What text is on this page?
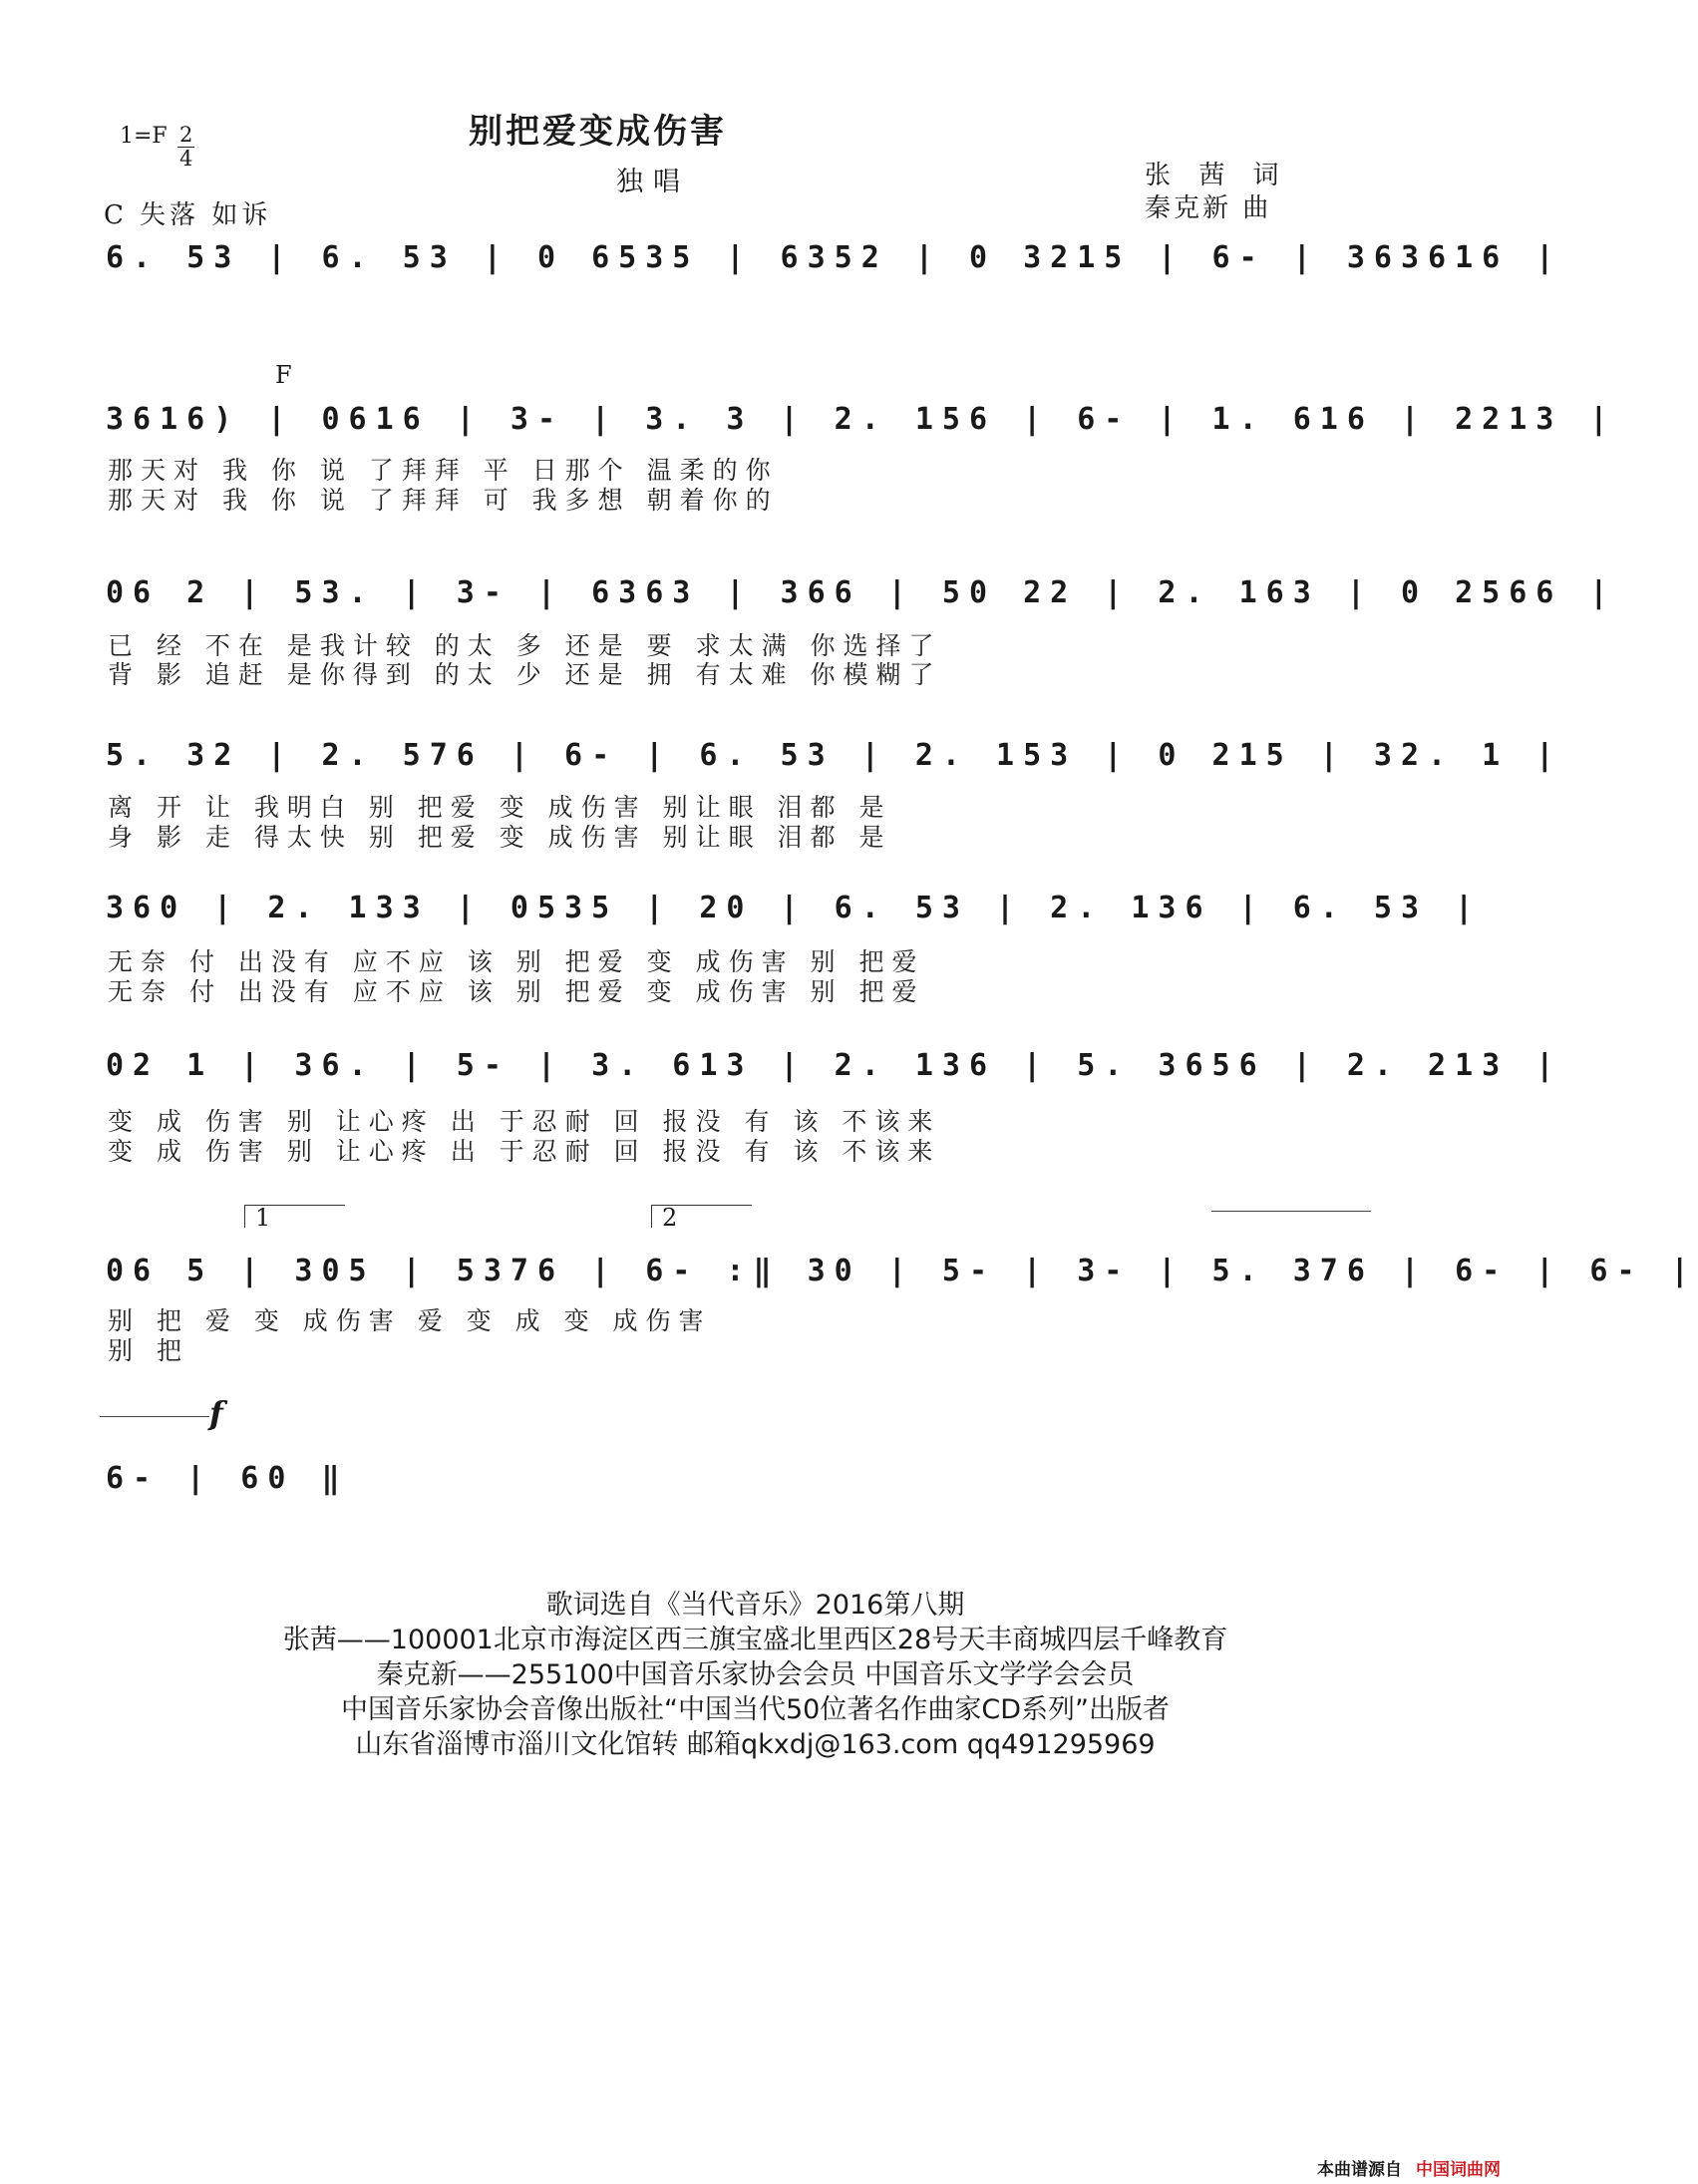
别把爱变成伤害
1=F 2
4
独唱	张 茜 词
秦克新 曲
C 失落 如诉
6. 53 | 6. 53 | 0 6535 | 6352 | 0 3215 | 6- | 363616 |
F
3616) | 0616 | 3- | 3. 3 | 2. 156 | 6- | 1. 616 | 2213 |
那天对 我 你 说 了拜拜 平 日那个 温柔的你
那天对 我 你 说 了拜拜 可 我多想 朝着你的
06 2 | 53. | 3- | 6363 | 366 | 50 22 | 2. 163 | 0 2566 |
已 经 不在 是我计较 的太 多 还是 要 求太满 你选择了
背 影 追赶 是你得到 的太 少 还是 拥 有太难 你模糊了
5. 32 | 2. 576 | 6- | 6. 53 | 2. 153 | 0 215 | 32. 1 |
离 开 让 我明白 别 把爱 变 成伤害 别让眼 泪都 是
身 影 走 得太快 别 把爱 变 成伤害 别让眼 泪都 是
360 | 2. 133 | 0535 | 20 | 6. 53 | 2. 136 | 6. 53 |
无奈 付 出没有 应不应 该 别 把爱 变 成伤害 别 把爱
无奈 付 出没有 应不应 该 别 把爱 变 成伤害 别 把爱
02 1 | 36. | 5- | 3. 613 | 2. 136 | 5. 3656 | 2. 213 |
变 成 伤害 别 让心疼 出 于忍耐 回 报没 有 该 不该来
变 成 伤害 别 让心疼 出 于忍耐 回 报没 有 该 不该来
1	2
06 5 | 305 | 5376 | 6- :‖ 30 | 5- | 3- | 5. 376 | 6- | 6- |
别 把 爱 变 成伤害 爱 变 成 变 成伤害
别 把
f
6- | 60 ‖
歌词选自《当代音乐》2016第八期
张茜——100001北京市海淀区西三旗宝盛北里西区28号天丰商城四层千峰教育
秦克新——255100中国音乐家协会会员 中国音乐文学学会会员
中国音乐家协会音像出版社“中国当代50位著名作曲家CD系列”出版者
山东省淄博市淄川文化馆转 邮箱qkxdj@163.com qq491295969
本曲谱源自 中国词曲网
